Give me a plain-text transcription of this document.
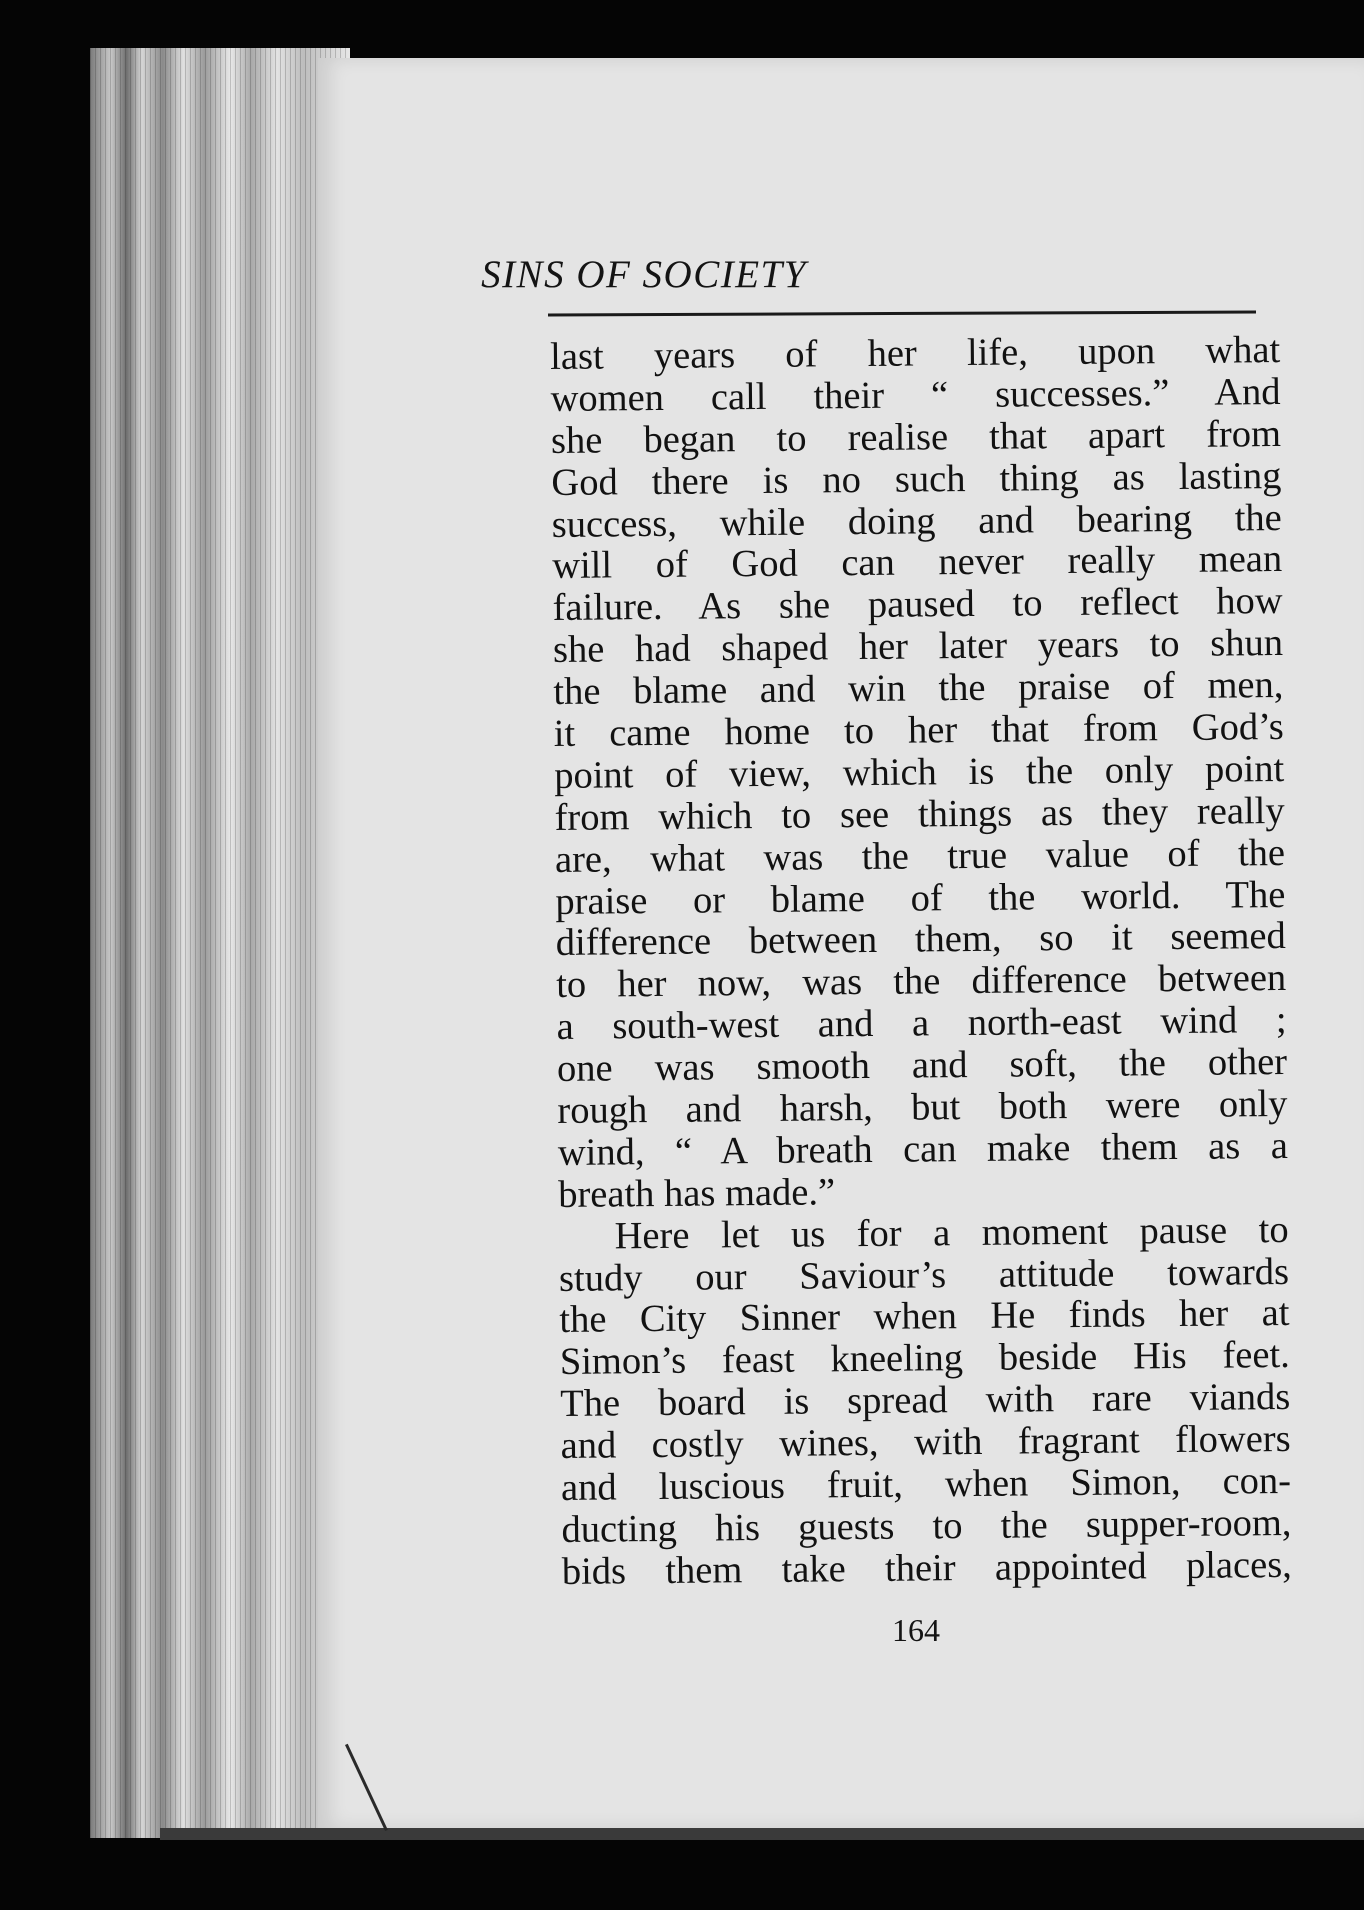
SINS OF SOCIETY
last years of her life, upon what
women call their “ successes.” And
she began to realise that apart from
God there is no such thing as lasting
success, while doing and bearing the
will of God can never really mean
failure. As she paused to reflect how
she had shaped her later years to shun
the blame and win the praise of men,
it came home to her that from God’s
point of view, which is the only point
from which to see things as they really
are, what was the true value of the
praise or blame of the world. The
difference between them, so it seemed
to her now, was the difference between
a south-west and a north-east wind ;
one was smooth and soft, the other
rough and harsh, but both were only
wind, “ A breath can make them as a
breath has made.”
Here let us for a moment pause to
study our Saviour’s attitude towards
the City Sinner when He finds her at
Simon’s feast kneeling beside His feet.
The board is spread with rare viands
and costly wines, with fragrant flowers
and luscious fruit, when Simon, con-
ducting his guests to the supper-room,
bids them take their appointed places,
164
